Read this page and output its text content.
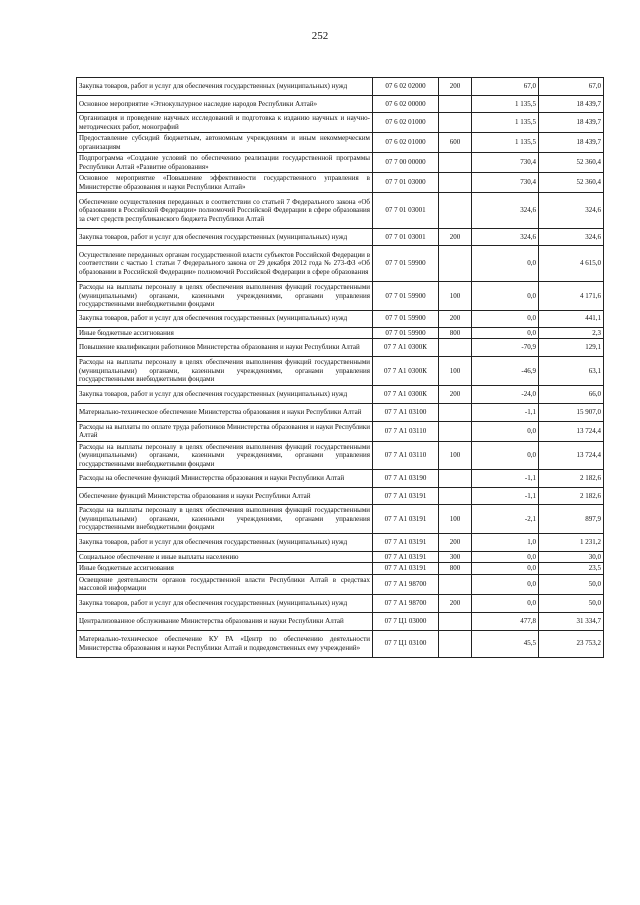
252
Закупка товаров, работ и услуг для обеспечения государственных (муниципальных) нужд	07 6 02 02000	200	67,0	67,0
Основное мероприятие «Этнокультурное наследие народов Республики Алтай»	07 6 02 00000		1 135,5	18 439,7
Организация и проведение научных исследований и подготовка к изданию научных и научно-методических работ, монографий	07 6 02 01000		1 135,5	18 439,7
Предоставление субсидий бюджетным, автономным учреждениям и иным некоммерческим организациям	07 6 02 01000	600	1 135,5	18 439,7
Подпрограмма «Создание условий по обеспечению реализации государственной программы Республики Алтай «Развитие образования»	07 7 00 00000		730,4	52 360,4
Основное мероприятие «Повышение эффективности государственного управления в Министерстве образования и науки Республики Алтай»	07 7 01 03000		730,4	52 360,4
Обеспечение осуществления переданных в соответствии со статьей 7 Федерального закона «Об образовании в Российской Федерации» полномочий Российской Федерации в сфере образования за счет средств республиканского бюджета Республики Алтай	07 7 01 03001		324,6	324,6
Закупка товаров, работ и услуг для обеспечения государственных (муниципальных) нужд	07 7 01 03001	200	324,6	324,6
Осуществление переданных органам государственной власти субъектов Российской Федерации в соответствии с частью 1 статьи 7 Федерального закона от 29 декабря 2012 года № 273-ФЗ «Об образовании в Российской Федерации» полномочий Российской Федерации в сфере образования	07 7 01 59900		0,0	4 615,0
Расходы на выплаты персоналу в целях обеспечения выполнения функций государственными (муниципальными) органами, казенными учреждениями, органами управления государственными внебюджетными фондами	07 7 01 59900	100	0,0	4 171,6
Закупка товаров, работ и услуг для обеспечения государственных (муниципальных) нужд	07 7 01 59900	200	0,0	441,1
Иные бюджетные ассигнования	07 7 01 59900	800	0,0	2,3
Повышение квалификации работников Министерства образования и науки Республики Алтай	07 7 А1 0300К		-70,9	129,1
Расходы на выплаты персоналу в целях обеспечения выполнения функций государственными (муниципальными) органами, казенными учреждениями, органами управления государственными внебюджетными фондами	07 7 А1 0300К	100	-46,9	63,1
Закупка товаров, работ и услуг для обеспечения государственных (муниципальных) нужд	07 7 А1 0300К	200	-24,0	66,0
Материально-техническое обеспечение Министерства образования и науки Республики Алтай	07 7 А1 03100		-1,1	15 907,0
Расходы на выплаты по оплате труда работников Министерства образования и науки Республики Алтай	07 7 А1 03110		0,0	13 724,4
Расходы на выплаты персоналу в целях обеспечения выполнения функций государственными (муниципальными) органами, казенными учреждениями, органами управления государственными внебюджетными фондами	07 7 А1 03110	100	0,0	13 724,4
Расходы на обеспечение функций Министерства образования и науки Республики Алтай	07 7 А1 03190		-1,1	2 182,6
Обеспечение функций Министерства образования и науки Республики Алтай	07 7 А1 03191		-1,1	2 182,6
Расходы на выплаты персоналу в целях обеспечения выполнения функций государственными (муниципальными) органами, казенными учреждениями, органами управления государственными внебюджетными фондами	07 7 А1 03191	100	-2,1	897,9
Закупка товаров, работ и услуг для обеспечения государственных (муниципальных) нужд	07 7 А1 03191	200	1,0	1 231,2
Социальное обеспечение и иные выплаты населению	07 7 А1 03191	300	0,0	30,0
Иные бюджетные ассигнования	07 7 А1 03191	800	0,0	23,5
Освещение деятельности органов государственной власти Республики Алтай в средствах массовой информации	07 7 А1 98700		0,0	50,0
Закупка товаров, работ и услуг для обеспечения государственных (муниципальных) нужд	07 7 А1 98700	200	0,0	50,0
Централизованное обслуживание Министерства образования и науки Республики Алтай	07 7 Ц1 03000		477,8	31 334,7
Материально-техническое обеспечение КУ РА «Центр по обеспечению деятельности Министерства образования и науки Республики Алтай и подведомственных ему учреждений»	07 7 Ц1 03100		45,5	23 753,2
